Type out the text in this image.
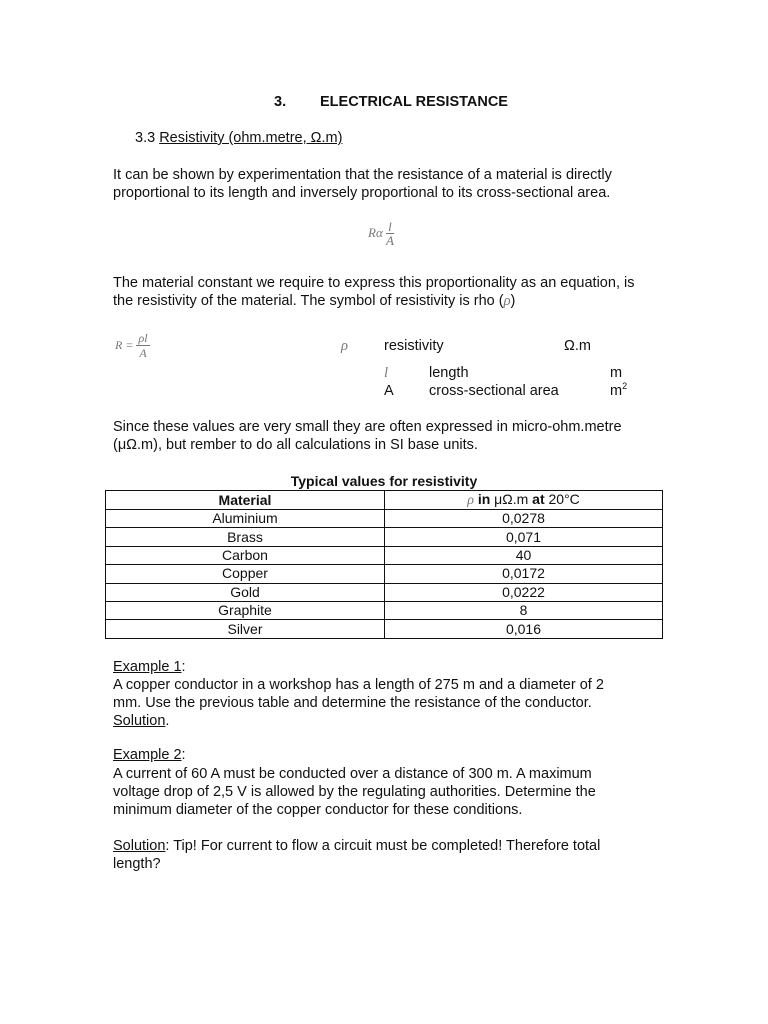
3. ELECTRICAL RESISTANCE
3.3 Resistivity (ohm.metre, Ω.m)
It can be shown by experimentation that the resistance of a material is directly proportional to its length and inversely proportional to its cross-sectional area.
Rα $\frac{l}{A}$
The material constant we require to express this proportionality as an equation, is the resistivity of the material. The symbol of resistivity is rho (ρ)
$R = \frac{\rho l}{A}$	ρ resistivity	Ω.m
l	length	m
A cross-sectional area	$m^2$
Since these values are very small they are often expressed in micro-ohm.metre (μΩ.m), but rember to do all calculations in SI base units.
Typical values for resistivity
Material	ρ in μΩ.m at 20°C
Aluminium	0,0278
Brass	0,071
Carbon	40
Copper	0,0172
Gold	0,0222
Graphite	8
Silver	0,016
Example 1:
A copper conductor in a workshop has a length of 275 m and a diameter of 2 mm. Use the previous table and determine the resistance of the conductor.
Solution.
Example 2:
A current of 60 A must be conducted over a distance of 300 m. A maximum voltage drop of 2,5 V is allowed by the regulating authorities. Determine the minimum diameter of the copper conductor for these conditions.
Solution: Tip! For current to flow a circuit must be completed! Therefore total length?
